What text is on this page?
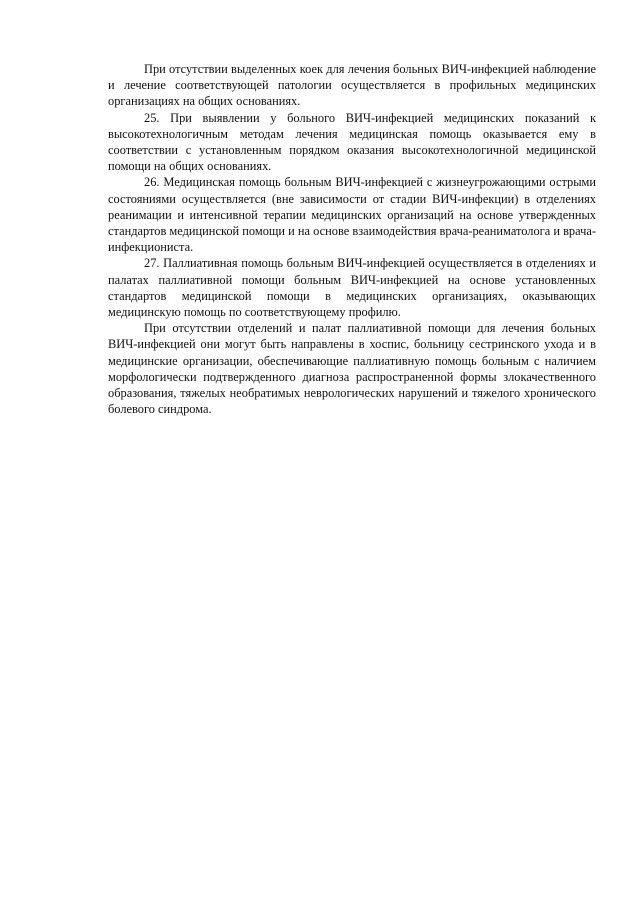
При отсутствии выделенных коек для лечения больных ВИЧ-инфекцией наблюдение и лечение соответствующей патологии осуществляется в профильных медицинских организациях на общих основаниях.

25. При выявлении у больного ВИЧ-инфекцией медицинских показаний к высокотехнологичным методам лечения медицинская помощь оказывается ему в соответствии с установленным порядком оказания высокотехнологичной медицинской помощи на общих основаниях.

26. Медицинская помощь больным ВИЧ-инфекцией с жизнеугрожающими острыми состояниями осуществляется (вне зависимости от стадии ВИЧ-инфекции) в отделениях реанимации и интенсивной терапии медицинских организаций на основе утвержденных стандартов медицинской помощи и на основе взаимодействия врача-реаниматолога и врача-инфекциониста.

27. Паллиативная помощь больным ВИЧ-инфекцией осуществляется в отделениях и палатах паллиативной помощи больным ВИЧ-инфекцией на основе установленных стандартов медицинской помощи в медицинских организациях, оказывающих медицинскую помощь по соответствующему профилю.

При отсутствии отделений и палат паллиативной помощи для лечения больных ВИЧ-инфекцией они могут быть направлены в хоспис, больницу сестринского ухода и в медицинские организации, обеспечивающие паллиативную помощь больным с наличием морфологически подтвержденного диагноза распространенной формы злокачественного образования, тяжелых необратимых неврологических нарушений и тяжелого хронического болевого синдрома.
